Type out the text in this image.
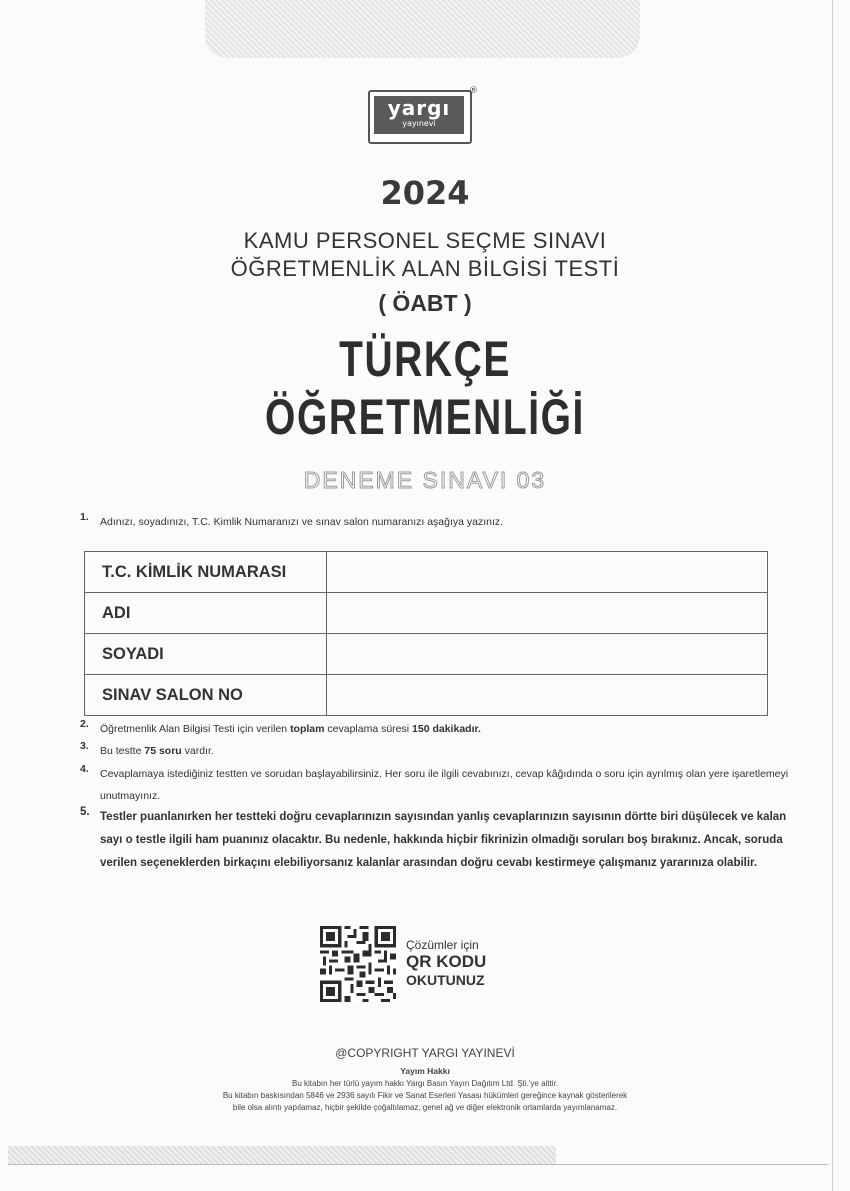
yargı
yayınevi
®
2024
KAMU PERSONEL SEÇME SINAVI
ÖĞRETMENLİK ALAN BİLGİSİ TESTİ
( ÖABT )
TÜRKÇE
ÖĞRETMENLİĞİ
DENEME SINAVI 03
1. Adınızı, soyadınızı, T.C. Kimlik Numaranızı ve sınav salon numaranızı aşağıya yazınız.
T.C. KİMLİK NUMARASI	
ADI	
SOYADI	
SINAV SALON NO	
2. Öğretmenlik Alan Bilgisi Testi için verilen toplam cevaplama süresi 150 dakikadır.
3. Bu testte 75 soru vardır.
4. Cevaplamaya istediğiniz testten ve sorudan başlayabilirsiniz. Her soru ile ilgili cevabınızı, cevap kâğıdında o soru için ayrılmış olan yere işaretlemeyi unutmayınız.
5. Testler puanlanırken her testteki doğru cevaplarınızın sayısından yanlış cevaplarınızın sayısının dörtte biri düşülecek ve kalan sayı o testle ilgili ham puanınız olacaktır. Bu nedenle, hakkında hiçbir fikrinizin olmadığı soruları boş bırakınız. Ancak, soruda verilen seçeneklerden birkaçını elebiliyorsanız kalanlar arasından doğru cevabı kestirmeye çalışmanız yararınıza olabilir.
Çözümler için
QR KODU
OKUTUNUZ
@COPYRIGHT YARGI YAYINEVİ
Yayım Hakkı
Bu kitabın her türlü yayım hakkı Yargı Basın Yayın Dağıtım Ltd. Şti.'ye aittir.
Bu kitabın baskısından 5846 ve 2936 sayılı Fikir ve Sanat Eserleri Yasası hükümleri gereğince kaynak gösterilerek
bile olsa alıntı yapılamaz, hiçbir şekilde çoğaltılamaz, genel ağ ve diğer elektronik ortamlarda yayımlanamaz.
